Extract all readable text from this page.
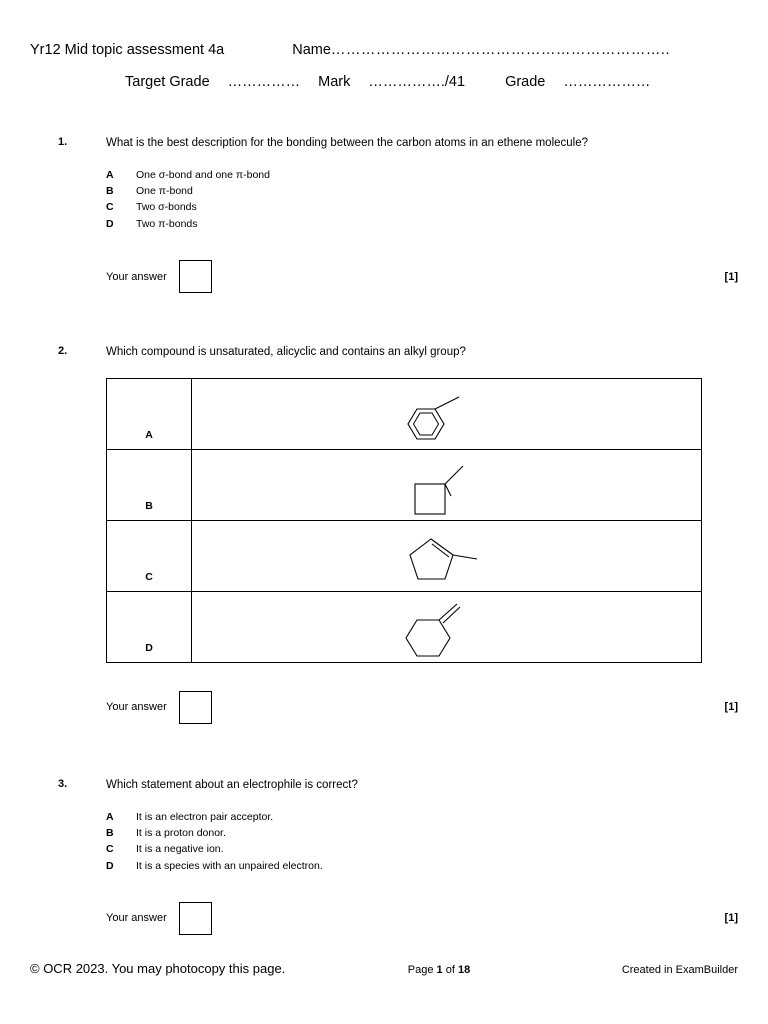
Yr12 Mid topic assessment 4a	Name …………………………………………………………..
Target Grade …………… Mark ……………./41	Grade ………………
1.	What is the best description for the bonding between the carbon atoms in an ethene molecule?
A	One σ-bond and one π-bond
B	One π-bond
C	Two σ-bonds
D	Two π-bonds
Your answer	[1]
2.	Which compound is unsaturated, alicyclic and contains an alkyl group?
A	

B	

C	

D	
Your answer	[1]
3.	Which statement about an electrophile is correct?
A	It is an electron pair acceptor.
B	It is a proton donor.
C	It is a negative ion.
D	It is a species with an unpaired electron.
Your answer	[1]
© OCR 2023. You may photocopy this page.	Page 1 of 18	Created in ExamBuilder
